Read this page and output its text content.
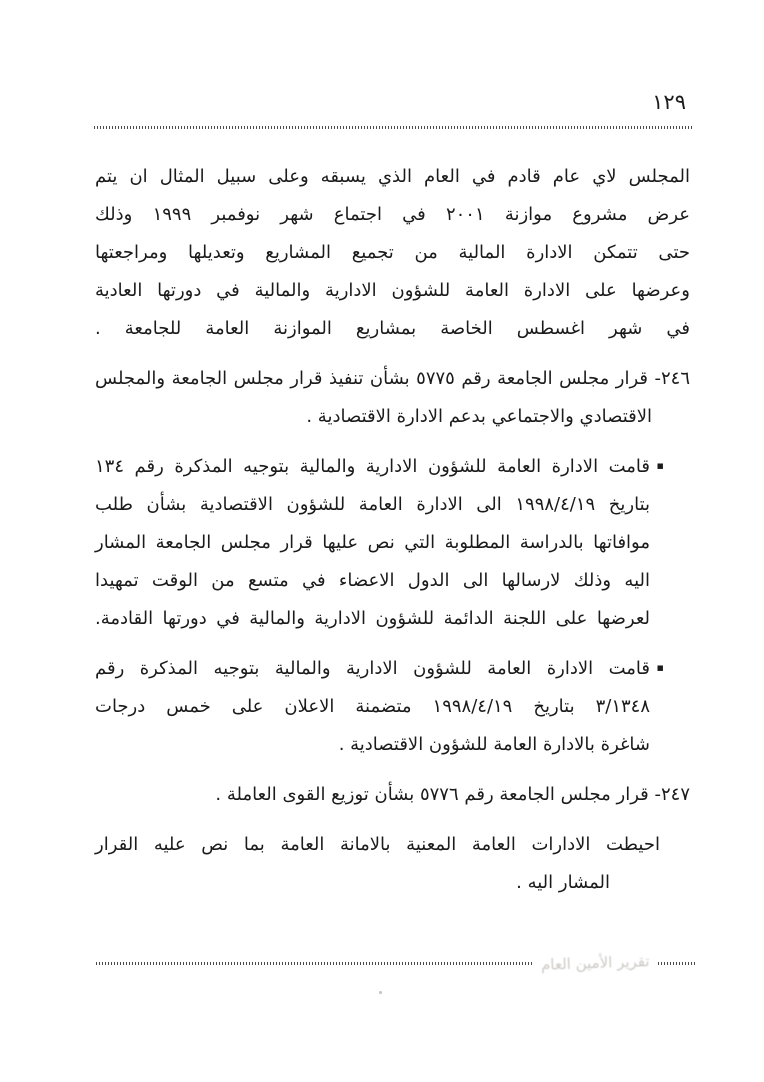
١٢٩
المجلس لاي عام قادم في العام الذي يسبقه وعلى سبيل المثال ان يتم
عرض مشروع موازنة ٢٠٠١ في اجتماع شهر نوفمبر ١٩٩٩ وذلك
حتى تتمكن الادارة المالية من تجميع المشاريع وتعديلها ومراجعتها
وعرضها على الادارة العامة للشؤون الادارية والمالية في دورتها العادية
في شهر اغسطس الخاصة بمشاريع الموازنة العامة للجامعة .
٢٤٦- قرار مجلس الجامعة رقم ٥٧٧٥ بشأن تنفيذ قرار مجلس الجامعة والمجلس
الاقتصادي والاجتماعي بدعم الادارة الاقتصادية .
▪
قامت الادارة العامة للشؤون الادارية والمالية بتوجيه المذكرة رقم ١٣٤
بتاريخ ١٩٩٨/٤/١٩ الى الادارة العامة للشؤون الاقتصادية بشأن طلب
موافاتها بالدراسة المطلوبة التي نص عليها قرار مجلس الجامعة المشار
اليه وذلك لارسالها الى الدول الاعضاء في متسع من الوقت تمهيدا
لعرضها على اللجنة الدائمة للشؤون الادارية والمالية في دورتها القادمة.
▪
قامت الادارة العامة للشؤون الادارية والمالية بتوجيه المذكرة رقم
٣/١٣٤٨ بتاريخ ١٩٩٨/٤/١٩ متضمنة الاعلان على خمس درجات
شاغرة بالادارة العامة للشؤون الاقتصادية .
٢٤٧- قرار مجلس الجامعة رقم ٥٧٧٦ بشأن توزيع القوى العاملة .
احيطت الادارات العامة المعنية بالامانة العامة بما نص عليه القرار
المشار اليه .
تقرير الأمين العام
